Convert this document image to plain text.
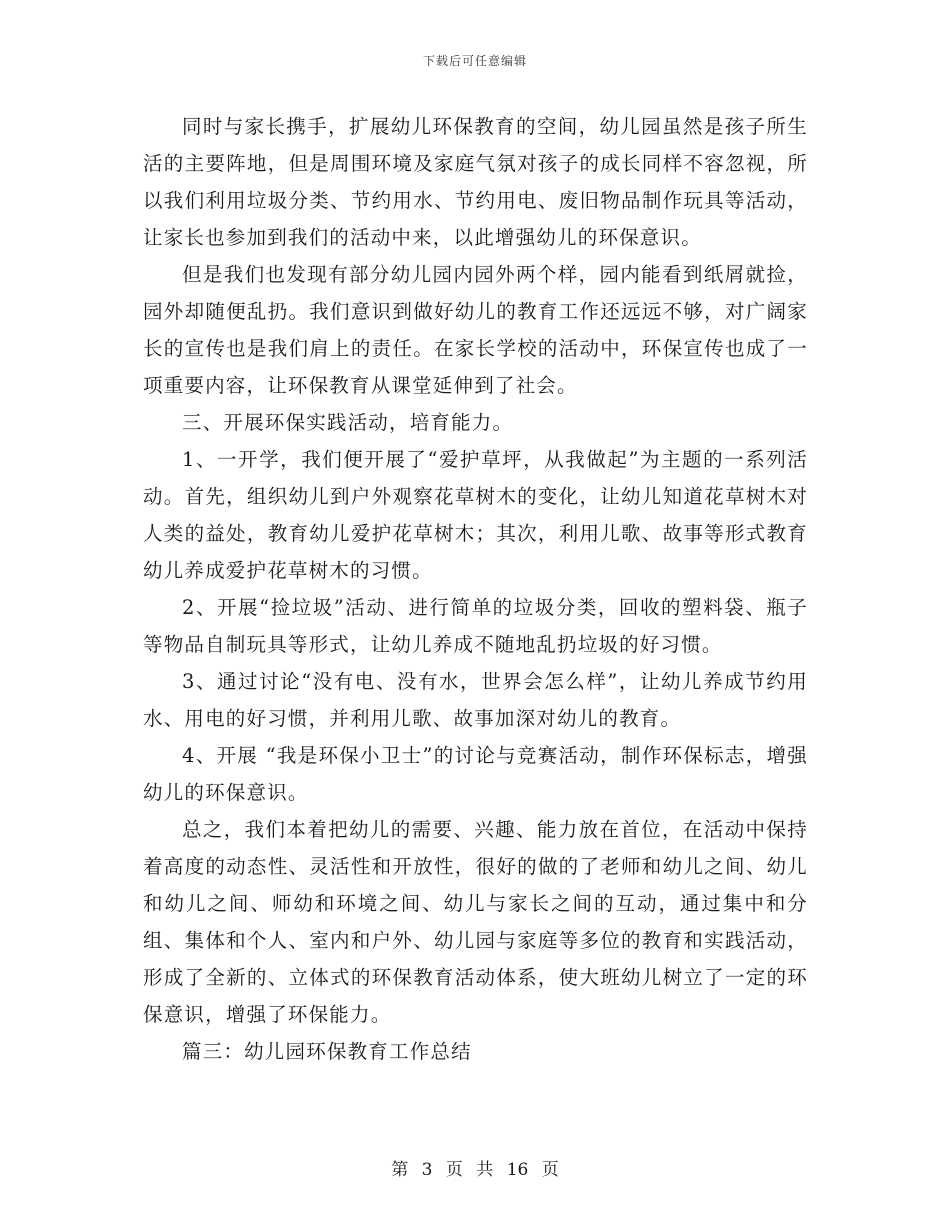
下载后可任意编辑

同时与家长携手，扩展幼儿环保教育的空间，幼儿园虽然是孩子所生活的主要阵地，但是周围环境及家庭气氛对孩子的成长同样不容忽视，所以我们利用垃圾分类、节约用水、节约用电、废旧物品制作玩具等活动，让家长也参加到我们的活动中来，以此增强幼儿的环保意识。

但是我们也发现有部分幼儿园内园外两个样，园内能看到纸屑就捡，园外却随便乱扔。我们意识到做好幼儿的教育工作还远远不够，对广阔家长的宣传也是我们肩上的责任。在家长学校的活动中，环保宣传也成了一项重要内容，让环保教育从课堂延伸到了社会。

三、开展环保实践活动，培育能力。

1、一开学，我们便开展了“爱护草坪，从我做起”为主题的一系列活动。首先，组织幼儿到户外观察花草树木的变化，让幼儿知道花草树木对人类的益处，教育幼儿爱护花草树木；其次，利用儿歌、故事等形式教育幼儿养成爱护花草树木的习惯。

2、开展“捡垃圾”活动、进行简单的垃圾分类，回收的塑料袋、瓶子等物品自制玩具等形式，让幼儿养成不随地乱扔垃圾的好习惯。

3、通过讨论“没有电、没有水，世界会怎么样”，让幼儿养成节约用水、用电的好习惯，并利用儿歌、故事加深对幼儿的教育。

4、开展 “我是环保小卫士”的讨论与竞赛活动，制作环保标志，增强幼儿的环保意识。

总之，我们本着把幼儿的需要、兴趣、能力放在首位，在活动中保持着高度的动态性、灵活性和开放性，很好的做的了老师和幼儿之间、幼儿和幼儿之间、师幼和环境之间、幼儿与家长之间的互动，通过集中和分组、集体和个人、室内和户外、幼儿园与家庭等多位的教育和实践活动，形成了全新的、立体式的环保教育活动体系，使大班幼儿树立了一定的环保意识，增强了环保能力。

篇三：幼儿园环保教育工作总结

第 3 页 共 16 页
